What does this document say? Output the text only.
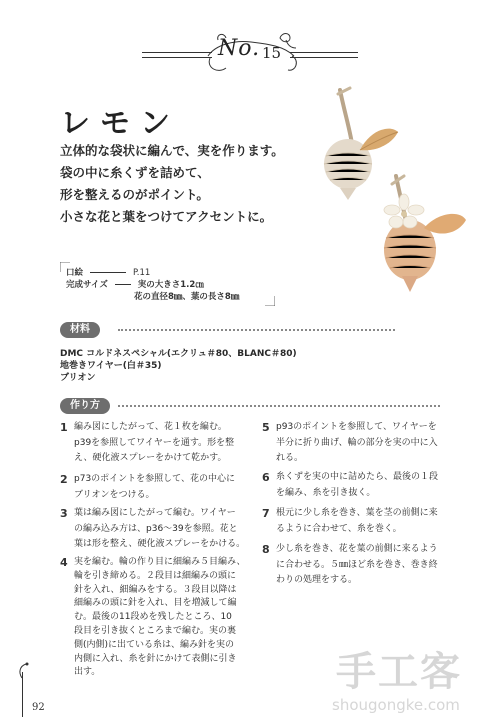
No. 15
レモン
立体的な袋状に編んで、実を作ります。
袋の中に糸くずを詰めて、
形を整えるのがポイント。
小さな花と葉をつけてアクセントに。
口絵	P.11
完成サイズ	実の大きさ1.2㎝
花の直径8㎜、葉の長さ8㎜
材料
DMC コルドネスペシャル(エクリュ＃80、BLANC＃80)
地巻きワイヤー(白＃35)
ブリオン
作り方
1 編み図にしたがって、花１枚を編む。
p39を参照してワイヤーを通す。形を整
え、硬化液スプレーをかけて乾かす。
2 p73のポイントを参照して、花の中心に
ブリオンをつける。
3 葉は編み図にしたがって編む。ワイヤー
の編み込み方は、p36～39を参照。花と
葉は形を整え、硬化液スプレーをかける。
4 実を編む。輪の作り目に細編み５目編み、
輪を引き締める。２段目は細編みの頭に
針を入れ、細編みをする。３段目以降は
細編みの頭に針を入れ、目を増減して編
む。最後の11段めを残したところ、10
段目を引き抜くところまで編む。実の裏
側(内側)に出ている糸は、編み針を実の
内側に入れ、糸を針にかけて表側に引き
出す。
5 p93のポイントを参照して、ワイヤーを
半分に折り曲げ、輪の部分を実の中に入
れる。
6 糸くずを実の中に詰めたら、最後の１段
を編み、糸を引き抜く。
7 根元に少し糸を巻き、葉を茎の前側に来
るように合わせて、糸を巻く。
8 少し糸を巻き、花を葉の前側に来るよう
に合わせる。５㎜ほど糸を巻き、巻き終
わりの処理をする。
92
手工客
shougongke.com
